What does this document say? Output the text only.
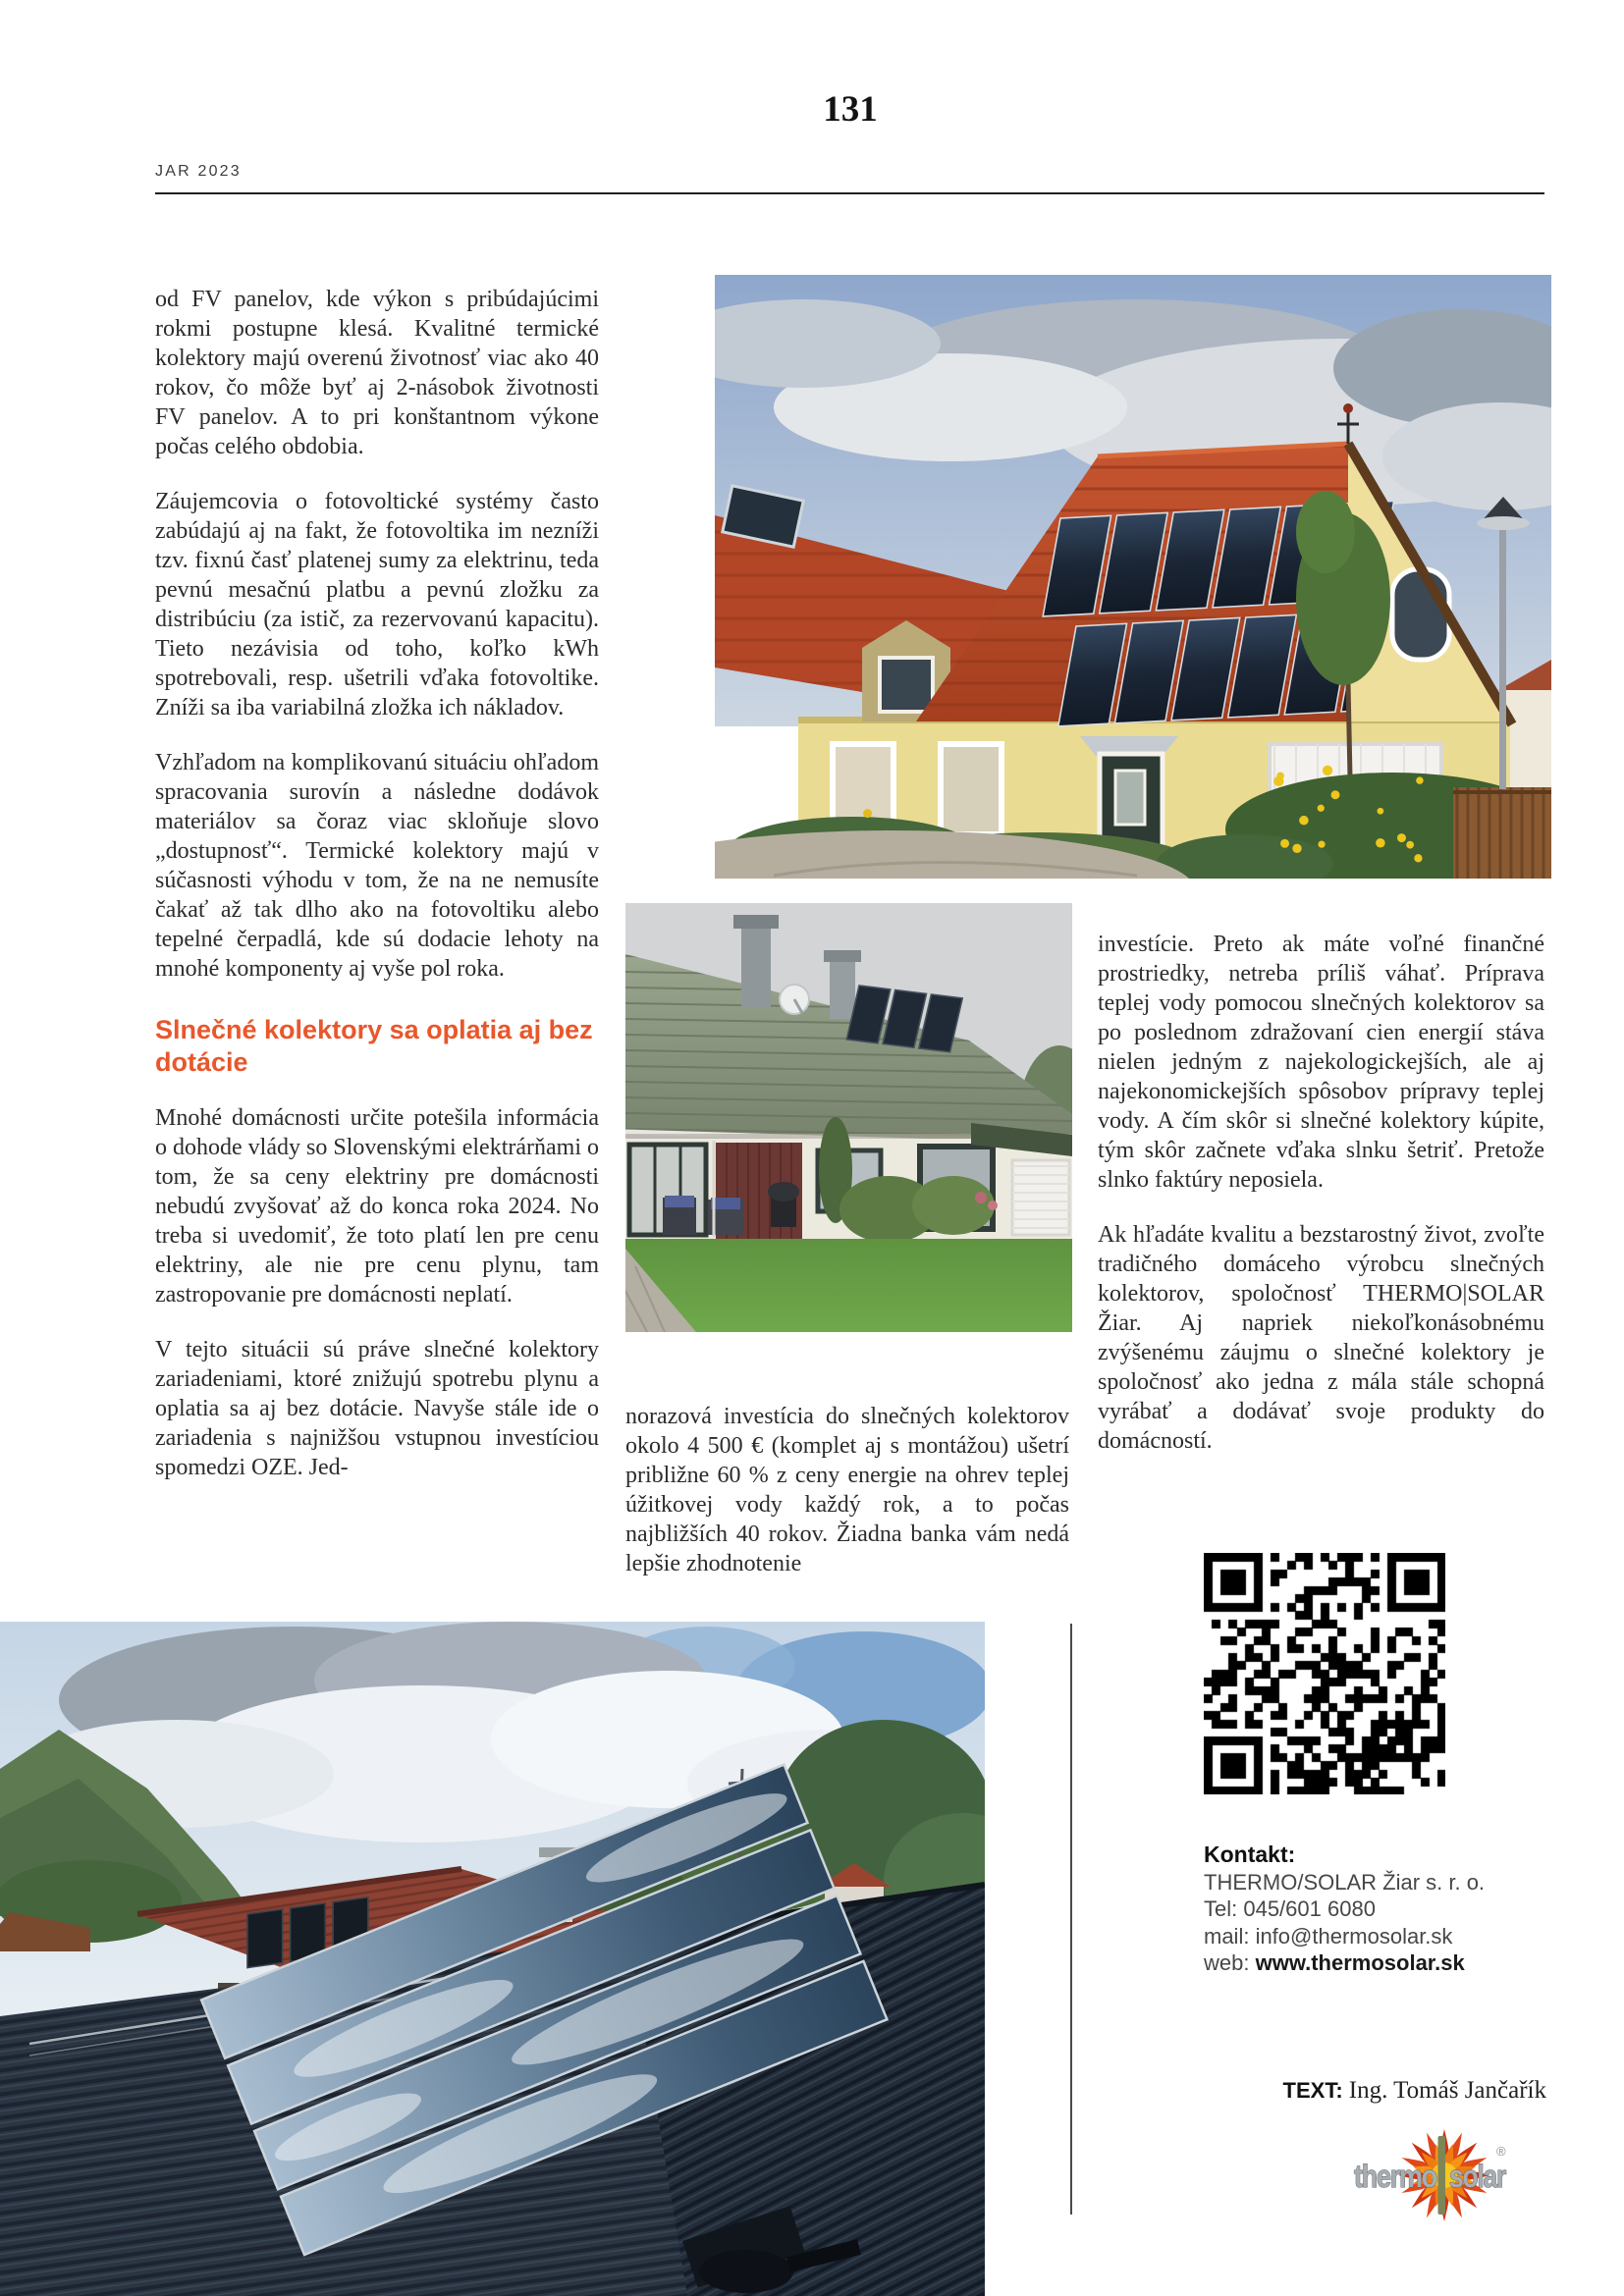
131
JAR 2023

od FV panelov, kde výkon s pribúdajúcimi rokmi postupne klesá. Kvalitné termické kolektory majú overenú životnosť viac ako 40 rokov, čo môže byť aj 2-násobok životnosti FV panelov. A to pri konštantnom výkone počas celého obdobia.

Záujemcovia o fotovoltické systémy často zabúdajú aj na fakt, že fotovoltika im nezníži tzv. fixnú časť platenej sumy za elektrinu, teda pevnú mesačnú platbu a pevnú zložku za distribúciu (za istič, za rezervovanú kapacitu). Tieto nezávisia od toho, koľko kWh spotrebovali, resp. ušetrili vďaka fotovoltike. Zníži sa iba variabilná zložka ich nákladov.

Vzhľadom na komplikovanú situáciu ohľadom spracovania surovín a následne dodávok materiálov sa čoraz viac skloňuje slovo „dostupnosť“. Termické kolektory majú v súčasnosti výhodu v tom, že na ne nemusíte čakať až tak dlho ako na fotovoltiku alebo tepelné čerpadlá, kde sú dodacie lehoty na mnohé komponenty aj vyše pol roka.

Slnečné kolektory sa oplatia aj bez dotácie

Mnohé domácnosti určite potešila informácia o dohode vlády so Slovenskými elektrárňami o tom, že sa ceny elektriny pre domácnosti nebudú zvyšovať až do konca roka 2024. No treba si uvedomiť, že toto platí len pre cenu elektriny, ale nie pre cenu plynu, tam zastropovanie pre domácnosti neplatí.

V tejto situácii sú práve slnečné kolektory zariadeniami, ktoré znižujú spotrebu plynu a oplatia sa aj bez dotácie. Navyše stále ide o zariadenia s najnižšou vstupnou investíciou spomedzi OZE. Jed-

norazová investícia do slnečných kolektorov okolo 4 500 € (komplet aj s montážou) ušetrí približne 60 % z ceny energie na ohrev teplej úžitkovej vody každý rok, a to počas najbližších 40 rokov. Žiadna banka vám nedá lepšie zhodnotenie

investície. Preto ak máte voľné finančné prostriedky, netreba príliš váhať. Príprava teplej vody pomocou slnečných kolektorov sa po poslednom zdražovaní cien energií stáva nielen jedným z najekologickejších, ale aj najekonomickejších spôsobov prípravy teplej vody. A čím skôr si slnečné kolektory kúpite, tým skôr začnete vďaka slnku šetriť. Pretože slnko faktúry neposiela.

Ak hľadáte kvalitu a bezstarostný život, zvoľte tradičného domáceho výrobcu slnečných kolektorov, spoločnosť THERMO|SOLAR Žiar. Aj napriek niekoľkonásobnému zvýšenému záujmu o slnečné kolektory je spoločnosť ako jedna z mála stále schopná vyrábať a dodávať svoje produkty do domácností.

Kontakt:
THERMO/SOLAR Žiar s. r. o.
Tel: 045/601 6080
mail: info@thermosolar.sk
web: www.thermosolar.sk
TEXT: Ing. Tomáš Jančařík
thermo solar
®
